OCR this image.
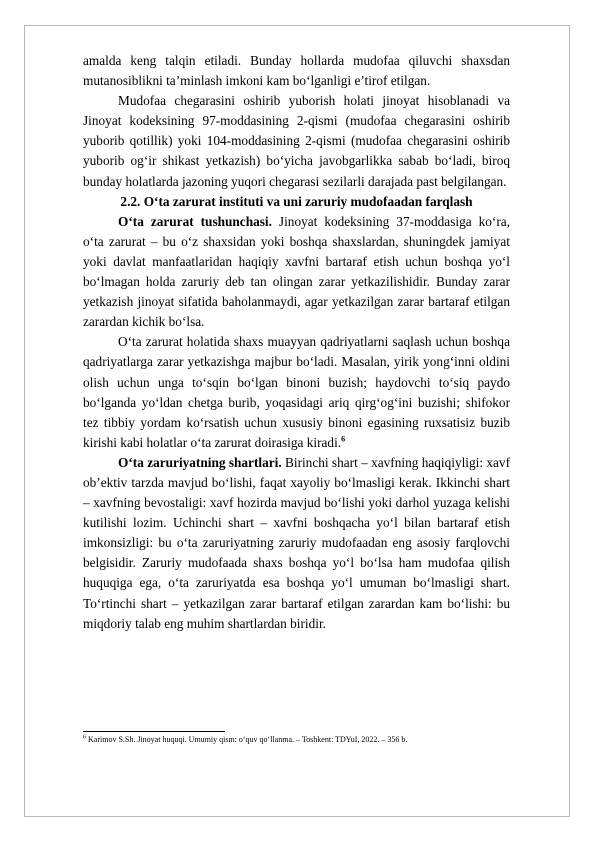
amalda keng talqin etiladi. Bunday hollarda mudofaa qiluvchi shaxsdan mutanosiblikni ta’minlash imkoni kam bo‘lganligi e’tirof etilgan.

Mudofaa chegarasini oshirib yuborish holati jinoyat hisoblanadi va Jinoyat kodeksining 97-moddasining 2-qismi (mudofaa chegarasini oshirib yuborib qotillik) yoki 104-moddasining 2-qismi (mudofaa chegarasini oshirib yuborib og‘ir shikast yetkazish) bo‘yicha javobgarlikka sabab bo‘ladi, biroq bunday holatlarda jazoning yuqori chegarasi sezilarli darajada past belgilangan.

2.2. O‘ta zarurat instituti va uni zaruriy mudofaadan farqlash

O‘ta zarurat tushunchasi. Jinoyat kodeksining 37-moddasiga ko‘ra, o‘ta zarurat – bu o‘z shaxsidan yoki boshqa shaxslardan, shuningdek jamiyat yoki davlat manfaatlaridan haqiqiy xavfni bartaraf etish uchun boshqa yo‘l bo‘lmagan holda zaruriy deb tan olingan zarar yetkazilishidir. Bunday zarar yetkazish jinoyat sifatida baholanmaydi, agar yetkazilgan zarar bartaraf etilgan zarardan kichik bo‘lsa.

O‘ta zarurat holatida shaxs muayyan qadriyatlarni saqlash uchun boshqa qadriyatlarga zarar yetkazishga majbur bo‘ladi. Masalan, yirik yong‘inni oldini olish uchun unga to‘sqin bo‘lgan binoni buzish; haydovchi to‘siq paydo bo‘lganda yo‘ldan chetga burib, yoqasidagi ariq qirg‘og‘ini buzishi; shifokor tez tibbiy yordam ko‘rsatish uchun xususiy binoni egasining ruxsatisiz buzib kirishi kabi holatlar o‘ta zarurat doirasiga kiradi.$^6$

O‘ta zaruriyatning shartlari. Birinchi shart – xavfning haqiqiyligi: xavf ob’ektiv tarzda mavjud bo‘lishi, faqat xayoliy bo‘lmasligi kerak. Ikkinchi shart – xavfning bevostaligi: xavf hozirda mavjud bo‘lishi yoki darhol yuzaga kelishi kutilishi lozim. Uchinchi shart – xavfni boshqacha yo‘l bilan bartaraf etish imkonsizligi: bu o‘ta zaruriyatning zaruriy mudofaadan eng asosiy farqlovchi belgisidir. Zaruriy mudofaada shaxs boshqa yo‘l bo‘lsa ham mudofaa qilish huquqiga ega, o‘ta zaruriyatda esa boshqa yo‘l umuman bo‘lmasligi shart. To‘rtinchi shart – yetkazilgan zarar bartaraf etilgan zarardan kam bo‘lishi: bu miqdoriy talab eng muhim shartlardan biridir.

$^6$ Karimov S.Sh. Jinoyat huquqi. Umumiy qism: o‘quv qo‘llanma. – Toshkent: TDYuI, 2022. – 356 b.
